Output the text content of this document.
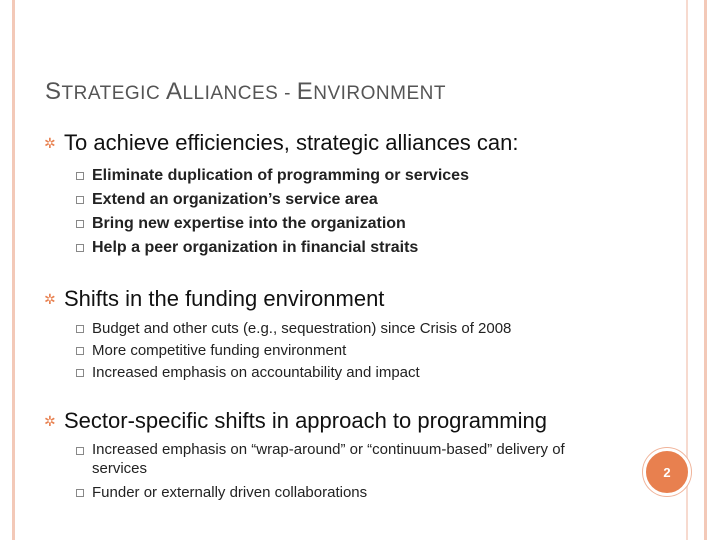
STRATEGIC ALLIANCES - ENVIRONMENT
✲ To achieve efficiencies, strategic alliances can:
Eliminate duplication of programming or services
Extend an organization’s service area
Bring new expertise into the organization
Help a peer organization in financial straits
✲ Shifts in the funding environment
Budget and other cuts (e.g., sequestration) since Crisis of 2008
More competitive funding environment
Increased emphasis on accountability and impact
✲ Sector-specific shifts in approach to programming
Increased emphasis on “wrap-around” or “continuum-based” delivery of services
Funder or externally driven collaborations
2
